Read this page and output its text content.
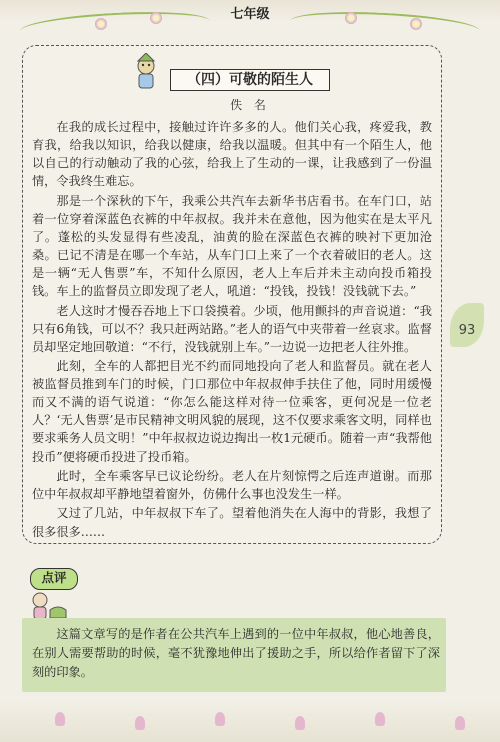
七年级
（四）可敬的陌生人
佚 名

在我的成长过程中，接触过许许多多的人。他们关心我，疼爱我，教育我，给我以知识，给我以健康，给我以温暖。但其中有一个陌生人，他以自己的行动触动了我的心弦，给我上了生动的一课，让我感到了一份温情，令我终生难忘。

那是一个深秋的下午，我乘公共汽车去新华书店看书。在车门口，站着一位穿着深蓝色衣裤的中年叔叔。我并未在意他，因为他实在是太平凡了。蓬松的头发显得有些凌乱，油黄的脸在深蓝色衣裤的映衬下更加沧桑。已记不清是在哪一个车站，从车门口上来了一个衣着破旧的老人。这是一辆“无人售票”车，不知什么原因，老人上车后并未主动向投币箱投钱。车上的监督员立即发现了老人，吼道：“投钱，投钱！没钱就下去。”

老人这时才慢吞吞地上下口袋摸着。少顷，他用颤抖的声音说道：“我只有6角钱，可以不？我只赶两站路。”老人的语气中夹带着一丝哀求。监督员却坚定地回敬道：“不行，没钱就别上车。”一边说一边把老人往外推。

此刻，全车的人都把目光不约而同地投向了老人和监督员。就在老人被监督员推到车门的时候，门口那位中年叔叔伸手扶住了他，同时用缓慢而又不满的语气说道：“你怎么能这样对待一位乘客，更何况是一位老人？‘无人售票’是市民精神文明风貌的展现，这不仅要求乘客文明，同样也要求乘务人员文明！”中年叔叔边说边掏出一枚1元硬币。随着一声“我帮他投币”便将硬币投进了投币箱。

此时，全车乘客早已议论纷纷。老人在片刻惊愕之后连声道谢。而那位中年叔叔却平静地望着窗外，仿佛什么事也没发生一样。

又过了几站，中年叔叔下车了。望着他消失在人海中的背影，我想了很多很多……

93
点评
这篇文章写的是作者在公共汽车上遇到的一位中年叔叔，他心地善良，在别人需要帮助的时候，毫不犹豫地伸出了援助之手，所以给作者留下了深刻的印象。
